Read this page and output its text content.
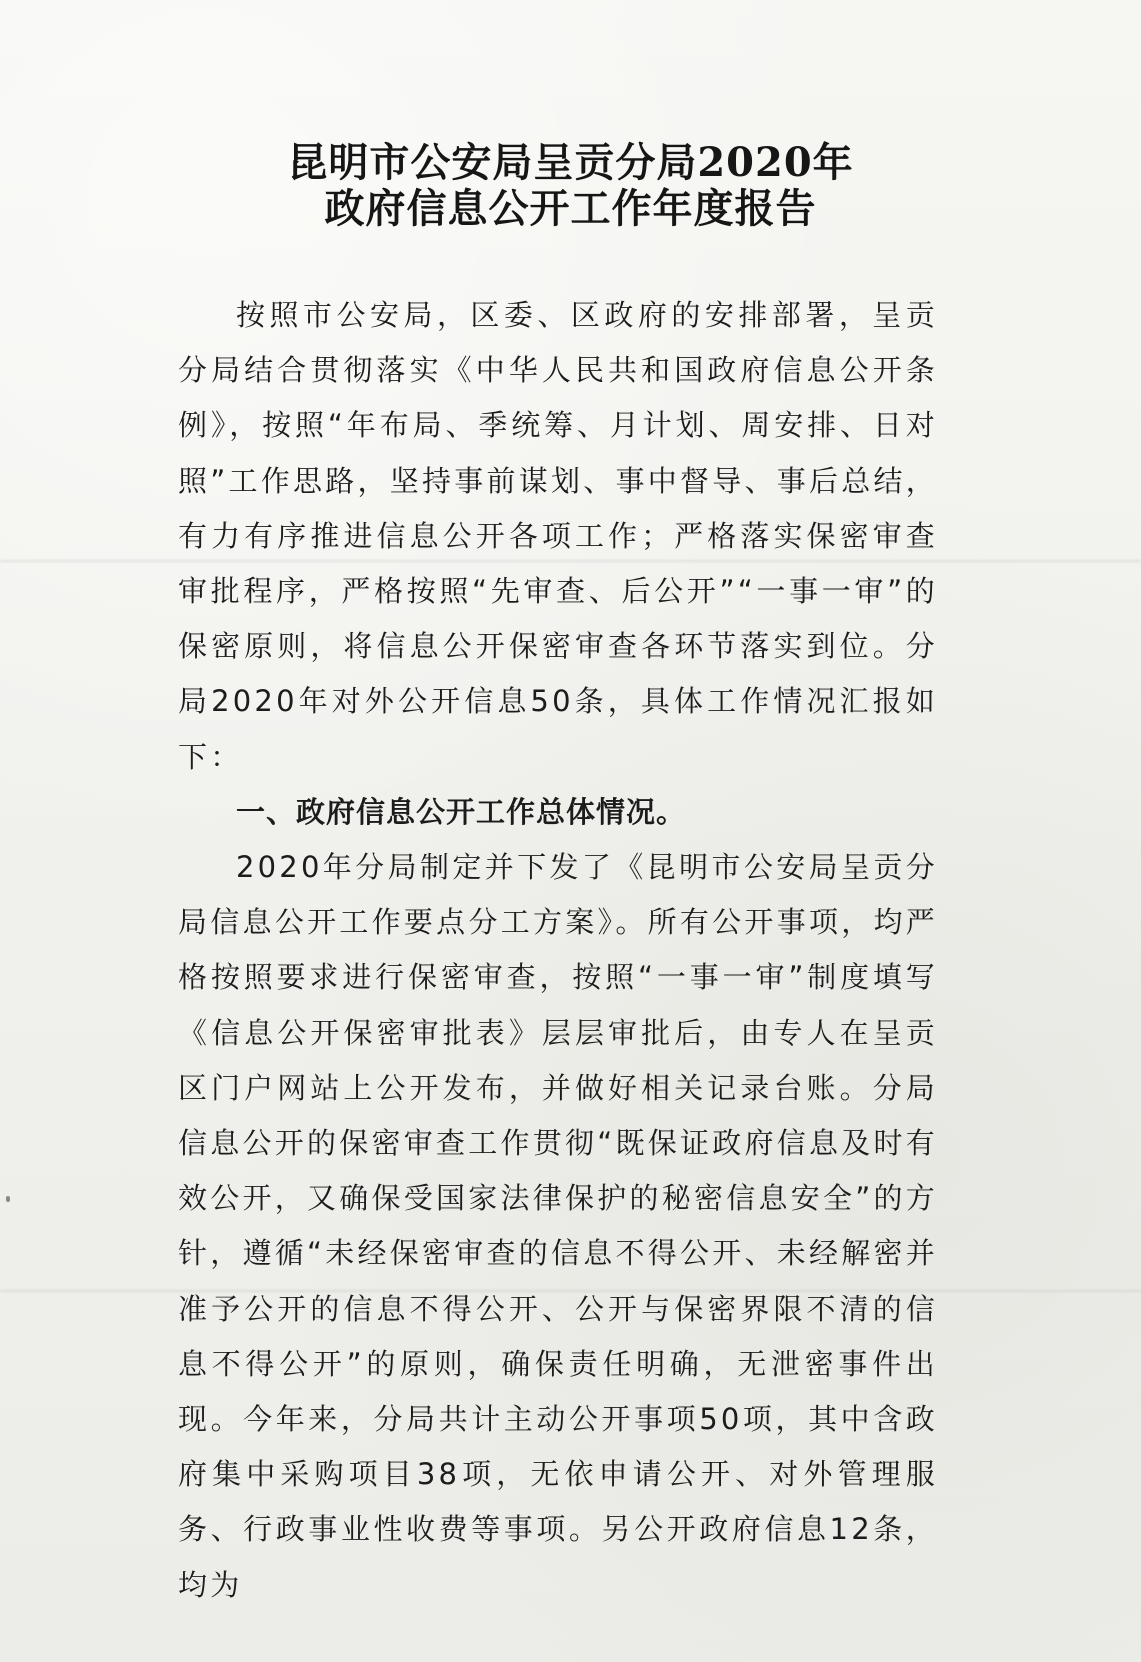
昆明市公安局呈贡分局2020年
政府信息公开工作年度报告

按照市公安局，区委、区政府的安排部署，呈贡分局结合贯彻落实《中华人民共和国政府信息公开条例》，按照“年布局、季统筹、月计划、周安排、日对照”工作思路，坚持事前谋划、事中督导、事后总结，有力有序推进信息公开各项工作；严格落实保密审查审批程序，严格按照“先审查、后公开”“一事一审”的保密原则，将信息公开保密审查各环节落实到位。分局2020年对外公开信息50条，具体工作情况汇报如下：

一、政府信息公开工作总体情况。

2020年分局制定并下发了《昆明市公安局呈贡分局信息公开工作要点分工方案》。所有公开事项，均严格按照要求进行保密审查，按照“一事一审”制度填写《信息公开保密审批表》层层审批后，由专人在呈贡区门户网站上公开发布，并做好相关记录台账。分局信息公开的保密审查工作贯彻“既保证政府信息及时有效公开，又确保受国家法律保护的秘密信息安全”的方针，遵循“未经保密审查的信息不得公开、未经解密并准予公开的信息不得公开、公开与保密界限不清的信息不得公开”的原则，确保责任明确，无泄密事件出现。今年来，分局共计主动公开事项50项，其中含政府集中采购项目38项，无依申请公开、对外管理服务、行政事业性收费等事项。另公开政府信息12条，均为
